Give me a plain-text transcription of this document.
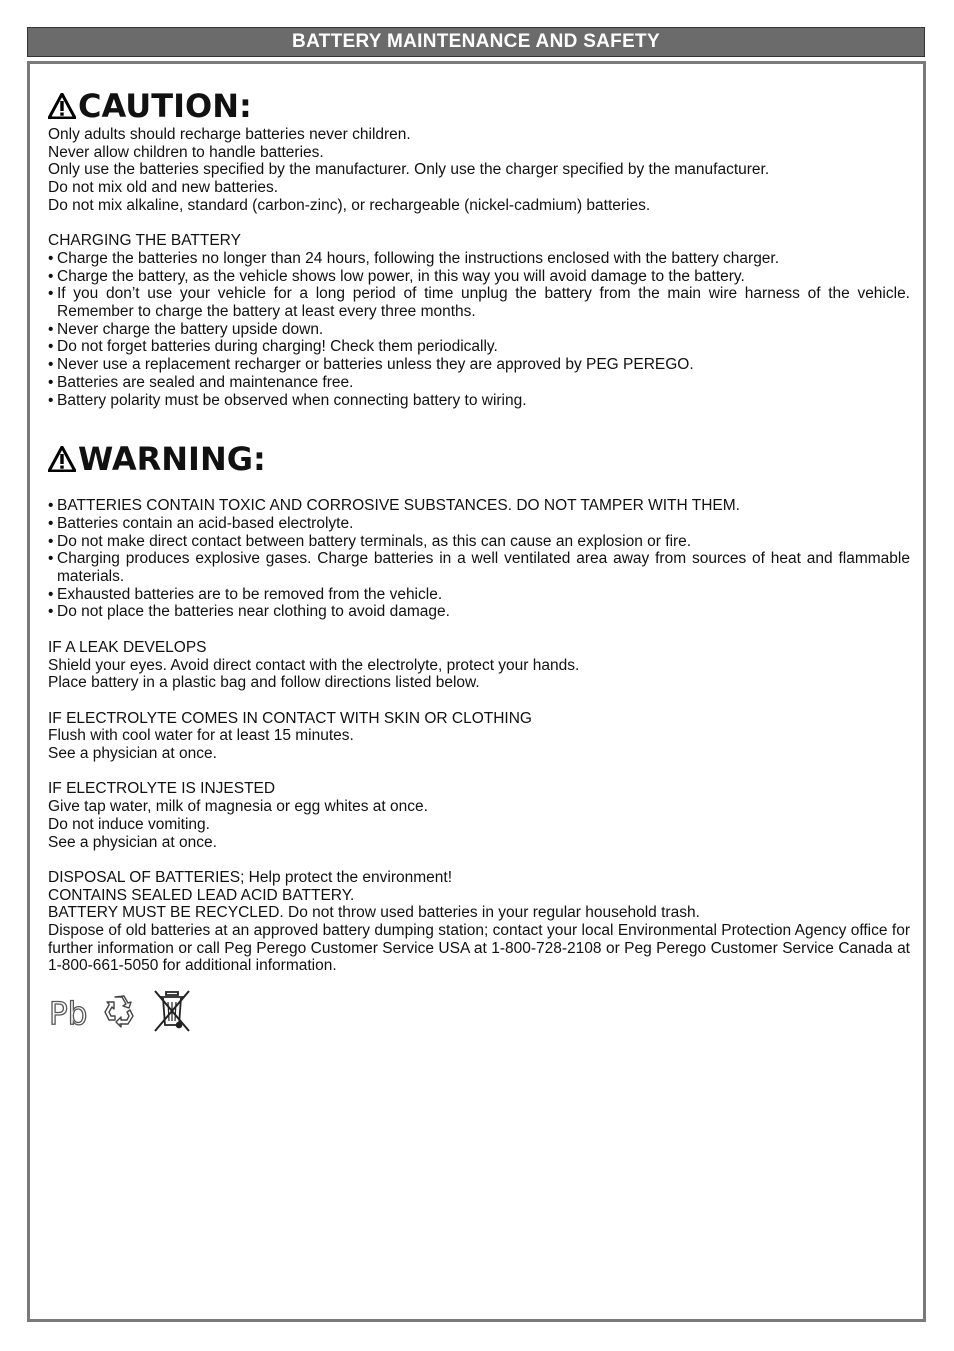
BATTERY MAINTENANCE AND SAFETY
CAUTION:
Only adults should recharge batteries never children.
Never allow children to handle batteries.
Only use the batteries specified by the manufacturer. Only use the charger specified by the manufacturer.
Do not mix old and new batteries.
Do not mix alkaline, standard (carbon-zinc), or rechargeable (nickel-cadmium) batteries.
CHARGING THE BATTERY
• Charge the batteries no longer than 24 hours, following the instructions enclosed with the battery charger.
• Charge the battery, as the vehicle shows low power, in this way you will avoid damage to the battery.
• If you don’t use your vehicle for a long period of time unplug the battery from the main wire harness of the vehicle. Remember to charge the battery at least every three months.
• Never charge the battery upside down.
• Do not forget batteries during charging! Check them periodically.
• Never use a replacement recharger or batteries unless they are approved by PEG PEREGO.
• Batteries are sealed and maintenance free.
• Battery polarity must be observed when connecting battery to wiring.
WARNING:
• BATTERIES CONTAIN TOXIC AND CORROSIVE SUBSTANCES. DO NOT TAMPER WITH THEM.
• Batteries contain an acid-based electrolyte.
• Do not make direct contact between battery terminals, as this can cause an explosion or fire.
• Charging produces explosive gases. Charge batteries in a well ventilated area away from sources of heat and flammable materials.
• Exhausted batteries are to be removed from the vehicle.
• Do not place the batteries near clothing to avoid damage.
IF A LEAK DEVELOPS
Shield your eyes. Avoid direct contact with the electrolyte, protect your hands.
Place battery in a plastic bag and follow directions listed below.
IF ELECTROLYTE COMES IN CONTACT WITH SKIN OR CLOTHING
Flush with cool water for at least 15 minutes.
See a physician at once.
IF ELECTROLYTE IS INJESTED
Give tap water, milk of magnesia or egg whites at once.
Do not induce vomiting.
See a physician at once.
DISPOSAL OF BATTERIES; Help protect the environment!
CONTAINS SEALED LEAD ACID BATTERY.
BATTERY MUST BE RECYCLED. Do not throw used batteries in your regular household trash.
Dispose of old batteries at an approved battery dumping station; contact your local Environmental Protection Agency office for further information or call Peg Perego Customer Service USA at 1-800-728-2108 or Peg Perego Customer Service Canada at 1-800-661-5050 for additional information.
Pb
